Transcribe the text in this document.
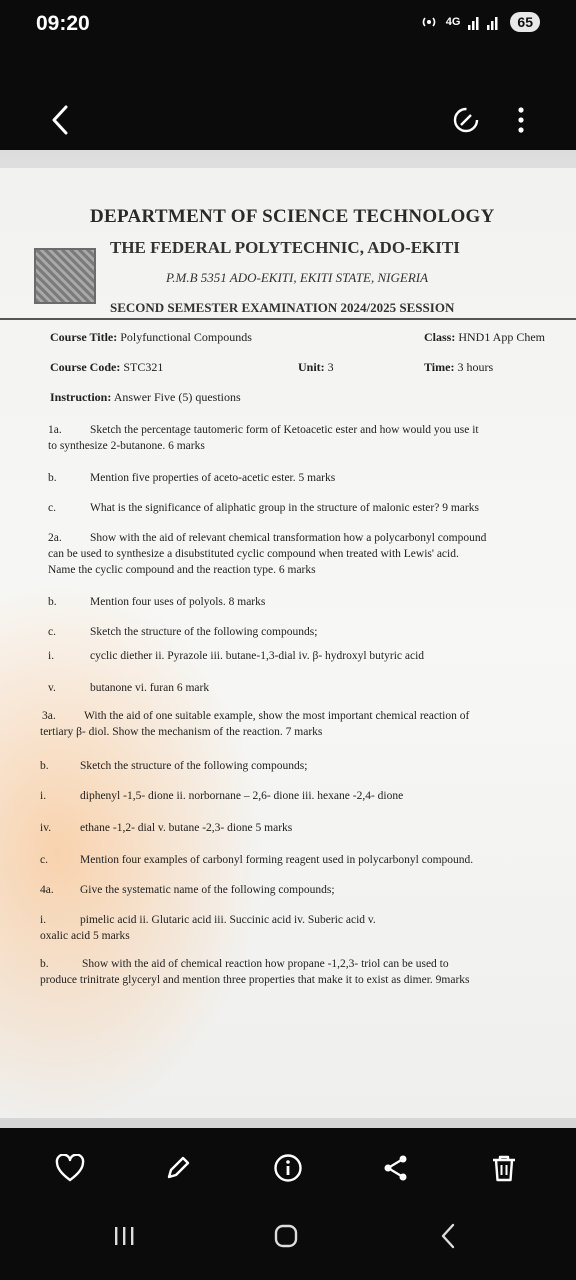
09:20	4G	65
DEPARTMENT OF SCIENCE TECHNOLOGY
THE FEDERAL POLYTECHNIC, ADO-EKITI
P.M.B 5351 ADO-EKITI, EKITI STATE, NIGERIA
SECOND SEMESTER EXAMINATION 2024/2025 SESSION
Course Title: Polyfunctional Compounds	Class: HND1 App Chem
Course Code: STC321	Unit: 3	Time: 3 hours
Instruction: Answer Five (5) questions
1a. Sketch the percentage tautomeric form of Ketoacetic ester and how would you use it
to synthesize 2-butanone. 6 marks
b.	Mention five properties of aceto-acetic ester. 5 marks
c.	What is the significance of aliphatic group in the structure of malonic ester? 9 marks
2a. Show with the aid of relevant chemical transformation how a polycarbonyl compound
can be used to synthesize a disubstituted cyclic compound when treated with Lewis' acid.
Name the cyclic compound and the reaction type. 6 marks
b.	Mention four uses of polyols. 8 marks
c.	Sketch the structure of the following compounds;
i.	cyclic diether ii. Pyrazole iii. butane-1,3-dial iv. β- hydroxyl butyric acid
v.	butanone vi. furan 6 mark
3a. With the aid of one suitable example, show the most important chemical reaction of
tertiary β- diol. Show the mechanism of the reaction. 7 marks
b.	Sketch the structure of the following compounds;
i.	diphenyl -1,5- dione ii. norbornane – 2,6- dione iii. hexane -2,4- dione
iv.	ethane -1,2- dial v. butane -2,3- dione 5 marks
c.	Mention four examples of carbonyl forming reagent used in polycarbonyl compound.
4a. Give the systematic name of the following compounds;
i.	pimelic acid ii. Glutaric acid iii. Succinic acid iv. Suberic acid v.
oxalic acid 5 marks
b.	Show with the aid of chemical reaction how propane -1,2,3- triol can be used to
produce trinitrate glyceryl and mention three properties that make it to exist as dimer. 9marks
